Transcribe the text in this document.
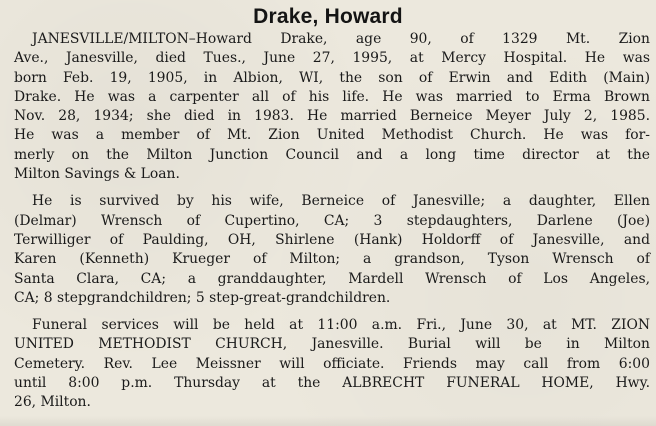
Drake, Howard

JANESVILLE/MILTON–Howard Drake, age 90, of 1329 Mt. Zion
Ave., Janesville, died Tues., June 27, 1995, at Mercy Hospital. He was
born Feb. 19, 1905, in Albion, WI, the son of Erwin and Edith (Main)
Drake. He was a carpenter all of his life. He was married to Erma Brown
Nov. 28, 1934; she died in 1983. He married Berneice Meyer July 2, 1985.
He was a member of Mt. Zion United Methodist Church. He was for-
merly on the Milton Junction Council and a long time director at the
Milton Savings & Loan.

He is survived by his wife, Berneice of Janesville; a daughter, Ellen
(Delmar) Wrensch of Cupertino, CA; 3 stepdaughters, Darlene (Joe)
Terwilliger of Paulding, OH, Shirlene (Hank) Holdorff of Janesville, and
Karen (Kenneth) Krueger of Milton; a grandson, Tyson Wrensch of
Santa Clara, CA; a granddaughter, Mardell Wrensch of Los Angeles,
CA; 8 stepgrandchildren; 5 step-great-grandchildren.

Funeral services will be held at 11:00 a.m. Fri., June 30, at MT. ZION
UNITED METHODIST CHURCH, Janesville. Burial will be in Milton
Cemetery. Rev. Lee Meissner will officiate. Friends may call from 6:00
until 8:00 p.m. Thursday at the ALBRECHT FUNERAL HOME, Hwy.
26, Milton.
